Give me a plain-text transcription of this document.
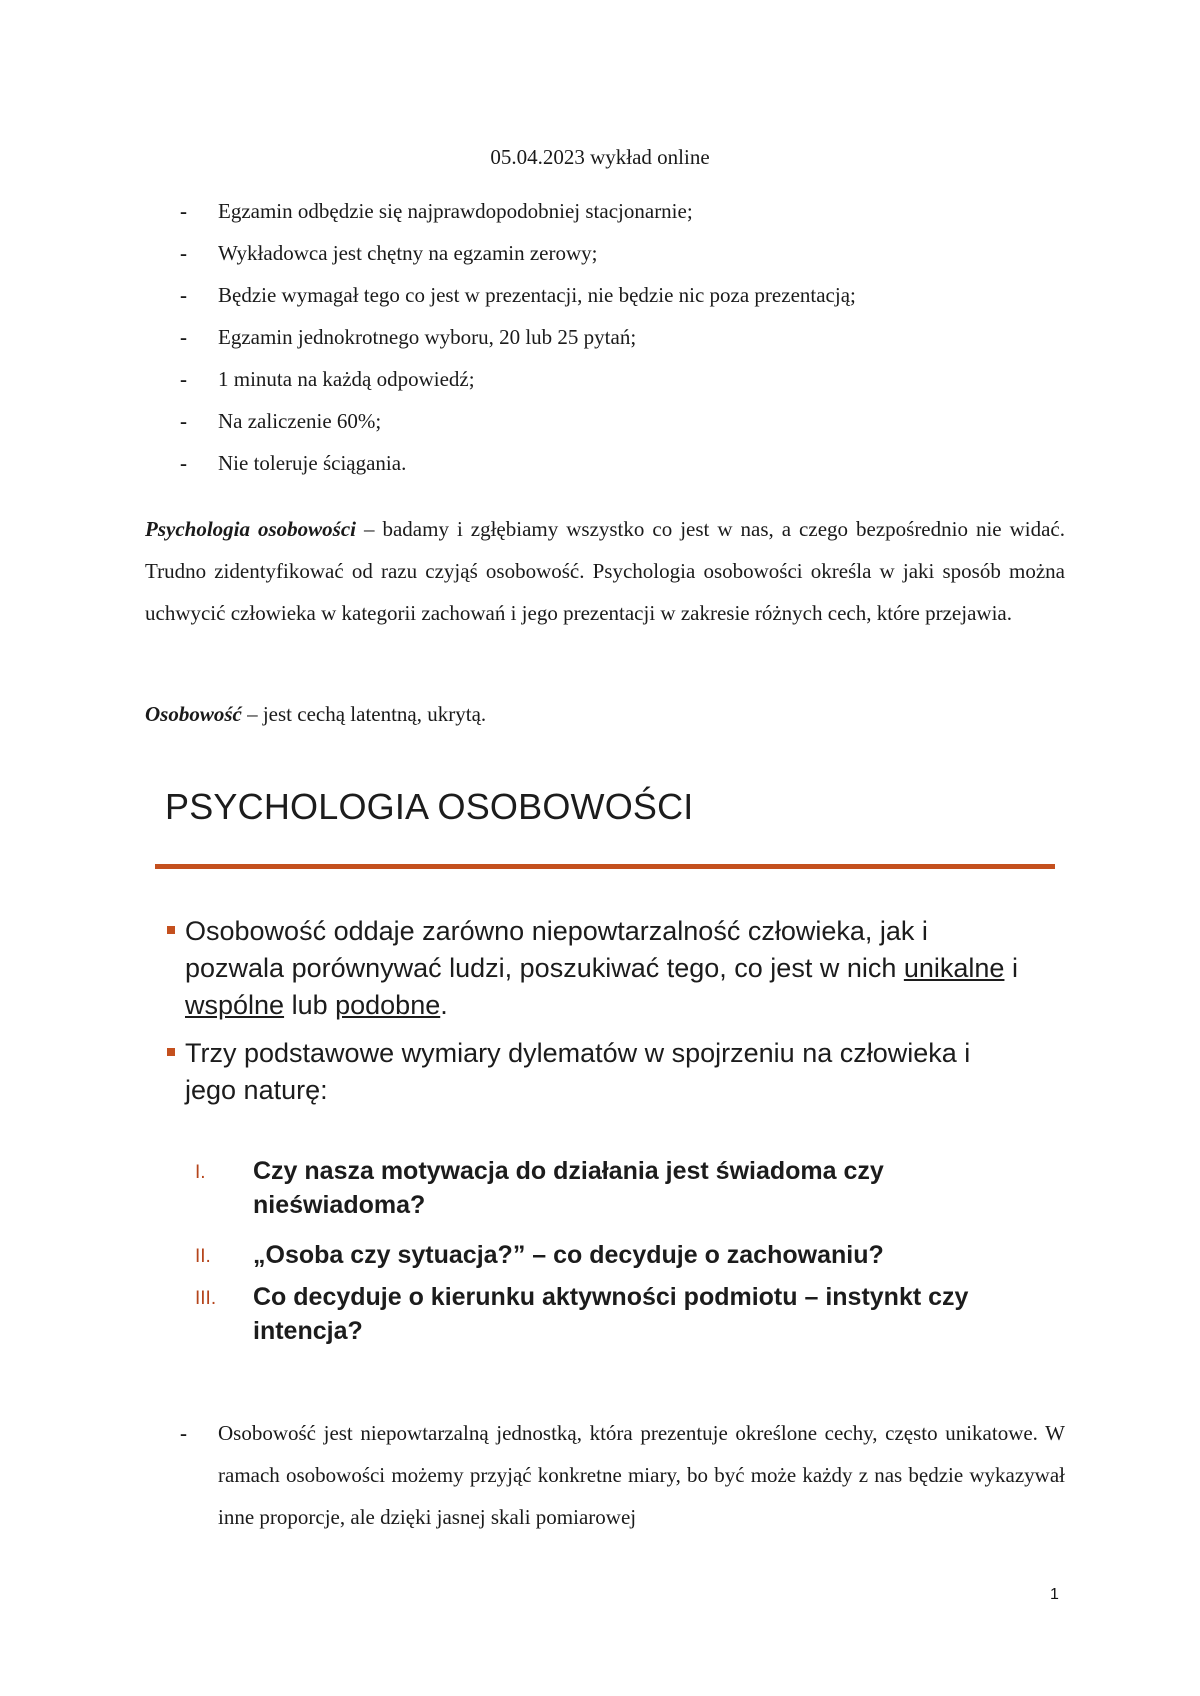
05.04.2023 wykład online
-	Egzamin odbędzie się najprawdopodobniej stacjonarnie;
-	Wykładowca jest chętny na egzamin zerowy;
-	Będzie wymagał tego co jest w prezentacji, nie będzie nic poza prezentacją;
-	Egzamin jednokrotnego wyboru, 20 lub 25 pytań;
-	1 minuta na każdą odpowiedź;
-	Na zaliczenie 60%;
-	Nie toleruje ściągania.

Psychologia osobowości – badamy i zgłębiamy wszystko co jest w nas, a czego bezpośrednio nie widać. Trudno zidentyfikować od razu czyjąś osobowość. Psychologia osobowości określa w jaki sposób można uchwycić człowieka w kategorii zachowań i jego prezentacji w zakresie różnych cech, które przejawia.

Osobowość – jest cechą latentną, ukrytą.

PSYCHOLOGIA OSOBOWOŚCI
Osobowość oddaje zarówno niepowtarzalność człowieka, jak i pozwala porównywać ludzi, poszukiwać tego, co jest w nich unikalne i wspólne lub podobne.
Trzy podstawowe wymiary dylematów w spojrzeniu na człowieka i jego naturę:
I.	Czy nasza motywacja do działania jest świadoma czy nieświadoma?
II.	„Osoba czy sytuacja?” – co decyduje o zachowaniu?
III.	Co decyduje o kierunku aktywności podmiotu – instynkt czy intencja?
- Osobowość jest niepowtarzalną jednostką, która prezentuje określone cechy, często unikatowe. W ramach osobowości możemy przyjąć konkretne miary, bo być może każdy z nas będzie wykazywał inne proporcje, ale dzięki jasnej skali pomiarowej
1
